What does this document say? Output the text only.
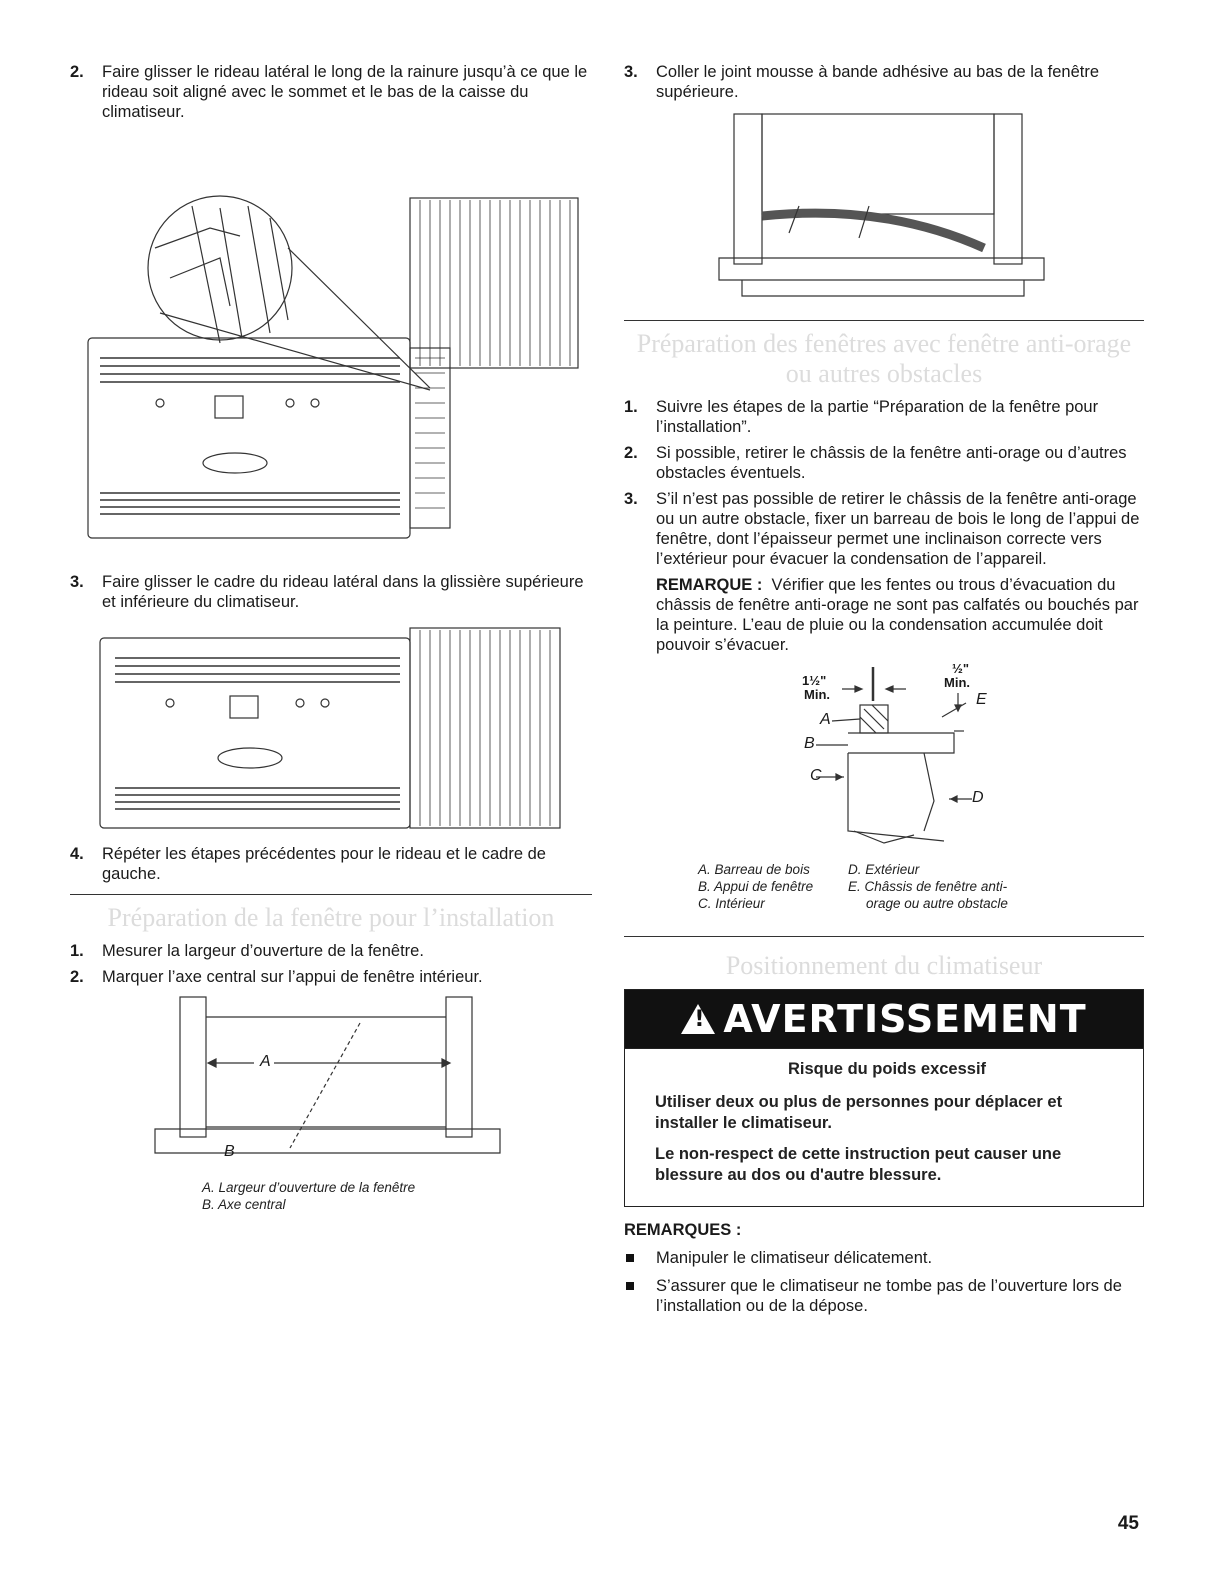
2.	Faire glisser le rideau latéral le long de la rainure jusqu’à ce que le rideau soit aligné avec le sommet et le bas de la caisse du climatiseur.
3.	Faire glisser le cadre du rideau latéral dans la glissière supérieure et inférieure du climatiseur.
4.	Répéter les étapes précédentes pour le rideau et le cadre de gauche.
Préparation de la fenêtre pour l’installation
1.	Mesurer la largeur d’ouverture de la fenêtre.
2.	Marquer l’axe central sur l’appui de fenêtre intérieur.
A
B
A. Largeur d’ouverture de la fenêtre
B. Axe central
3.	Coller le joint mousse à bande adhésive au bas de la fenêtre supérieure.
Préparation des fenêtres avec fenêtre anti-orage ou autres obstacles
1.	Suivre les étapes de la partie “Préparation de la fenêtre pour l’installation”.
2.	Si possible, retirer le châssis de la fenêtre anti-orage ou d’autres obstacles éventuels.
3.	S’il n’est pas possible de retirer le châssis de la fenêtre anti-orage ou un autre obstacle, fixer un barreau de bois le long de l’appui de fenêtre, dont l’épaisseur permet une inclinaison correcte vers l’extérieur pour évacuer la condensation de l’appareil.
REMARQUE : Vérifier que les fentes ou trous d’évacuation du châssis de fenêtre anti-orage ne sont pas calfatés ou bouchés par la peinture. L’eau de pluie ou la condensation accumulée doit pouvoir s’évacuer.
1½"
Min.
½"
Min.
A
B
C
D
E
A. Barreau de bois
B. Appui de fenêtre
C. Intérieur
D. Extérieur
E. Châssis de fenêtre anti-
orage ou autre obstacle
Positionnement du climatiseur
! AVERTISSEMENT
Risque du poids excessif

Utiliser deux ou plus de personnes pour déplacer et installer le climatiseur.

Le non-respect de cette instruction peut causer une blessure au dos ou d'autre blessure.

REMARQUES :
Manipuler le climatiseur délicatement.
S’assurer que le climatiseur ne tombe pas de l’ouverture lors de l’installation ou de la dépose.
45
